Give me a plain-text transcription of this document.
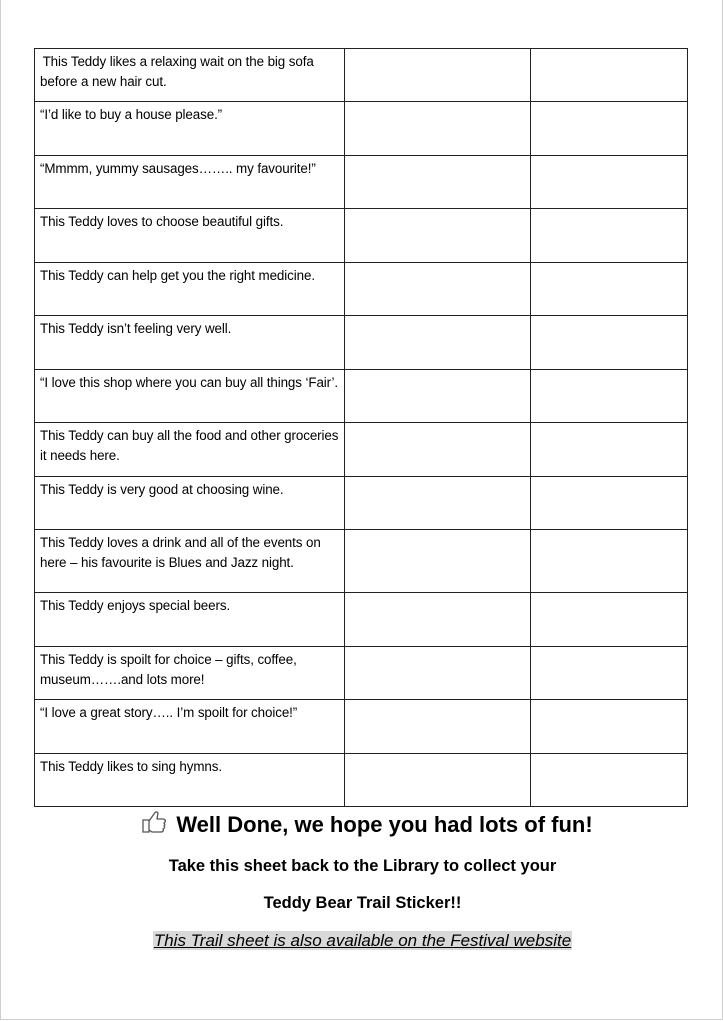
 This Teddy likes a relaxing wait on the big sofa before a new hair cut.		
“I’d like to buy a house please.”		
“Mmmm, yummy sausages…….. my favourite!”		
This Teddy loves to choose beautiful gifts.		
This Teddy can help get you the right medicine.		
This Teddy isn’t feeling very well.		
“I love this shop where you can buy all things ‘Fair’.		
This Teddy can buy all the food and other groceries it needs here.		
This Teddy is very good at choosing wine.		
This Teddy loves a drink and all of the events on here – his favourite is Blues and Jazz night.		
This Teddy enjoys special beers.		
This Teddy is spoilt for choice – gifts, coffee, museum…….and lots more!		
“I love a great story….. I’m spoilt for choice!”		
This Teddy likes to sing hymns.		
Well Done, we hope you had lots of fun!
Take this sheet back to the Library to collect your
Teddy Bear Trail Sticker!!
This Trail sheet is also available on the Festival website
